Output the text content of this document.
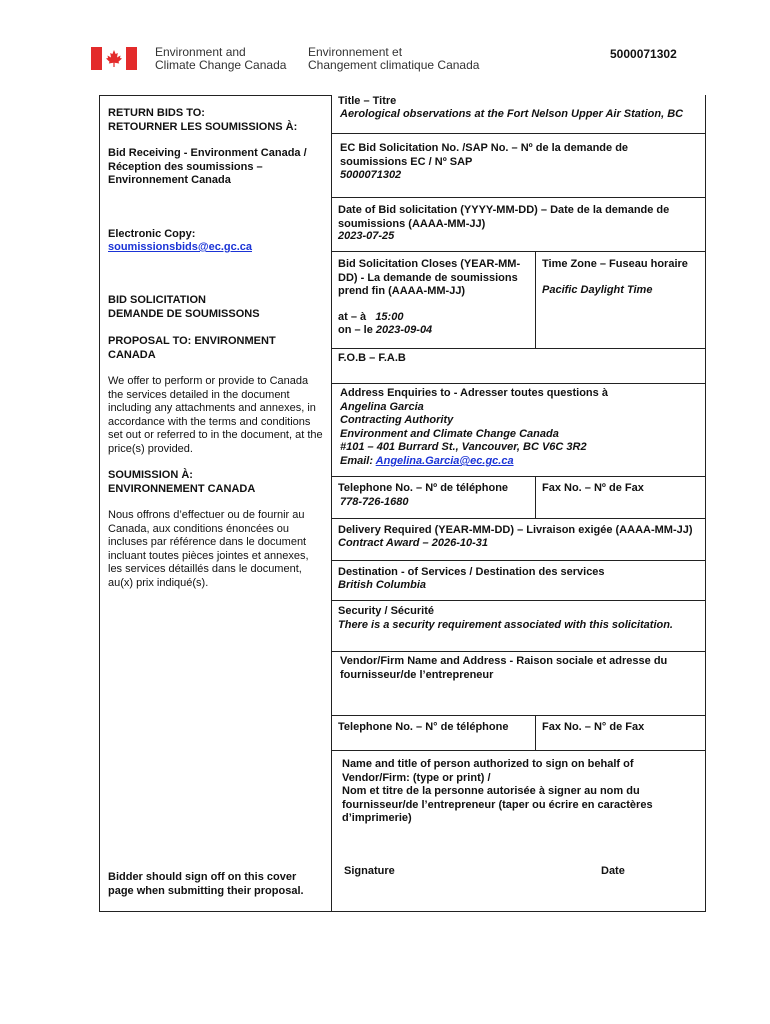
Environment and
Climate Change Canada
Environnement et
Changement climatique Canada
5000071302
RETURN BIDS TO:
RETOURNER LES SOUMISSIONS À:
Bid Receiving - Environment Canada /
Réception des soumissions –
Environnement Canada
Electronic Copy:
soumissionsbids@ec.gc.ca
BID SOLICITATION
DEMANDE DE SOUMISSONS
PROPOSAL TO: ENVIRONMENT
CANADA
We offer to perform or provide to Canada
the services detailed in the document
including any attachments and annexes, in
accordance with the terms and conditions
set out or referred to in the document, at the
price(s) provided.
SOUMISSION À:
ENVIRONNEMENT CANADA
Nous offrons d’effectuer ou de fournir au
Canada, aux conditions énoncées ou
incluses par référence dans le document
incluant toutes pièces jointes et annexes,
les services détaillés dans le document,
au(x) prix indiqué(s).
Bidder should sign off on this cover
page when submitting their proposal.
Title – Titre
Aerological observations at the Fort Nelson Upper Air Station, BC
EC Bid Solicitation No. /SAP No. – Nº de la demande de
soumissions EC / Nº SAP
5000071302
Date of Bid solicitation (YYYY-MM-DD) – Date de la demande de
soumissions (AAAA-MM-JJ)
2023-07-25
Bid Solicitation Closes (YEAR-MM-
DD) - La demande de soumissions
prend fin (AAAA-MM-JJ)
at – à 15:00
on – le 2023-09-04
Time Zone – Fuseau horaire
Pacific Daylight Time
F.O.B – F.A.B
Address Enquiries to - Adresser toutes questions à
Angelina Garcia
Contracting Authority
Environment and Climate Change Canada
#101 – 401 Burrard St., Vancouver, BC V6C 3R2
Email: Angelina.Garcia@ec.gc.ca
Telephone No. – Nº de téléphone
778-726-1680
Fax No. – Nº de Fax
Delivery Required (YEAR-MM-DD) – Livraison exigée (AAAA-MM-JJ)
Contract Award – 2026-10-31
Destination - of Services / Destination des services
British Columbia
Security / Sécurité
There is a security requirement associated with this solicitation.
Vendor/Firm Name and Address - Raison sociale et adresse du
fournisseur/de l’entrepreneur
Telephone No. – N° de téléphone	Fax No. – N° de Fax
Name and title of person authorized to sign on behalf of
Vendor/Firm: (type or print) /
Nom et titre de la personne autorisée à signer au nom du
fournisseur/de l’entrepreneur (taper ou écrire en caractères
d’imprimerie)
Signature	Date
